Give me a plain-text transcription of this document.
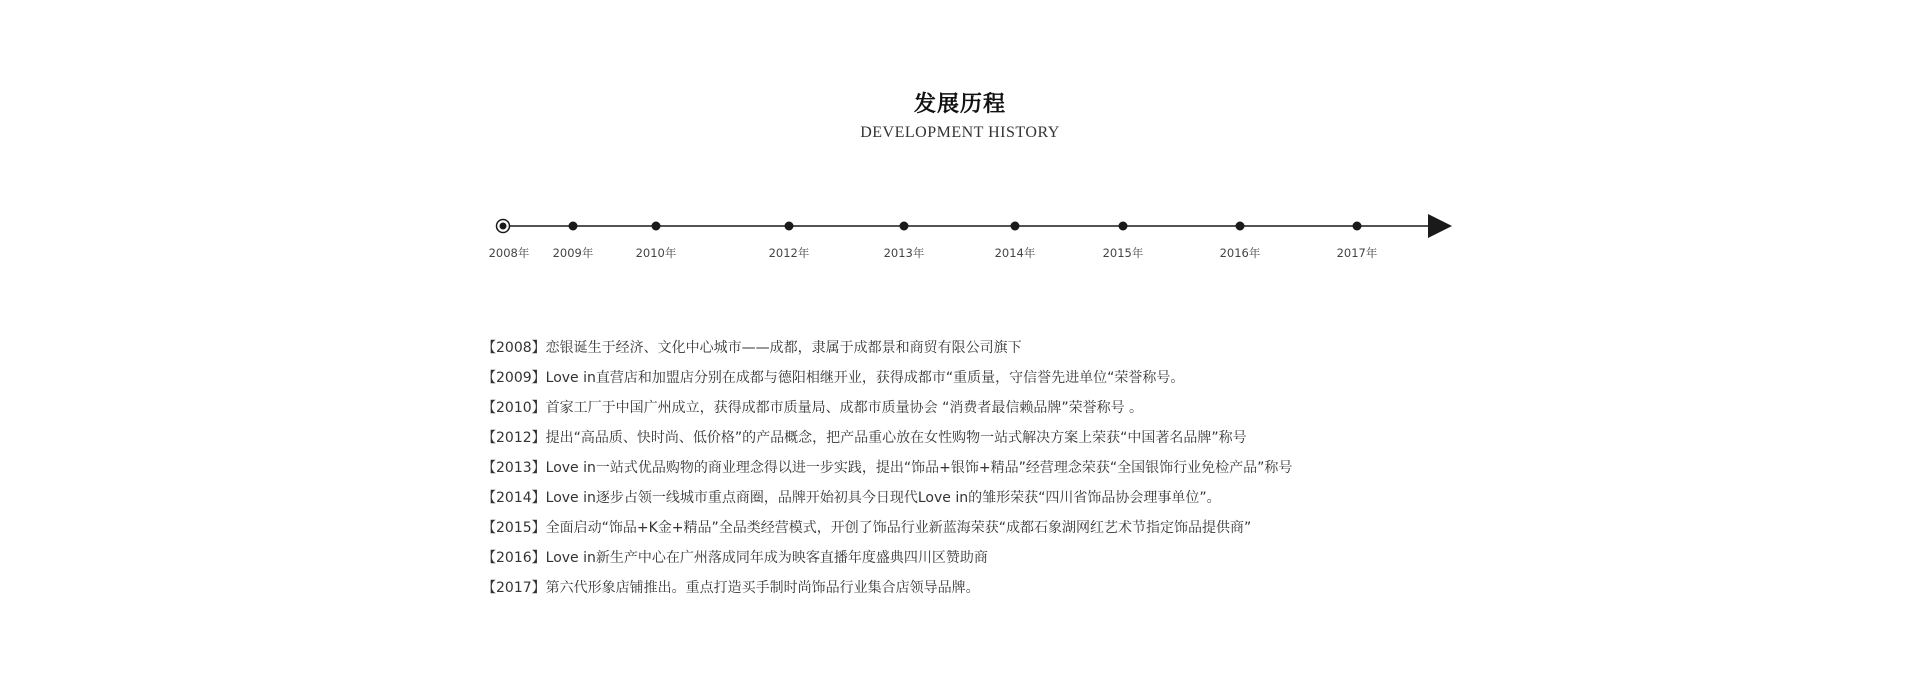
发展历程
DEVELOPMENT HISTORY
2008年 2009年	2010年	2012年	2013年	2014年	2015年	2016年	2017年
【2008】恋银诞生于经济、文化中心城市——成都，隶属于成都景和商贸有限公司旗下
【2009】Love in直营店和加盟店分别在成都与德阳相继开业，获得成都市“重质量，守信誉先进单位“荣誉称号。
【2010】首家工厂于中国广州成立，获得成都市质量局、成都市质量协会 “消费者最信赖品牌”荣誉称号 。
【2012】提出“高品质、快时尚、低价格”的产品概念，把产品重心放在女性购物一站式解决方案上荣获“中国著名品牌”称号
【2013】Love in一站式优品购物的商业理念得以进一步实践，提出“饰品+银饰+精品”经营理念荣获“全国银饰行业免检产品”称号
【2014】Love in逐步占领一线城市重点商圈，品牌开始初具今日现代Love in的雏形荣获“四川省饰品协会理事单位”。
【2015】全面启动“饰品+K金+精品”全品类经营模式，开创了饰品行业新蓝海荣获“成都石象湖网红艺术节指定饰品提供商”
【2016】Love in新生产中心在广州落成同年成为映客直播年度盛典四川区赞助商
【2017】第六代形象店铺推出。重点打造买手制时尚饰品行业集合店领导品牌。
